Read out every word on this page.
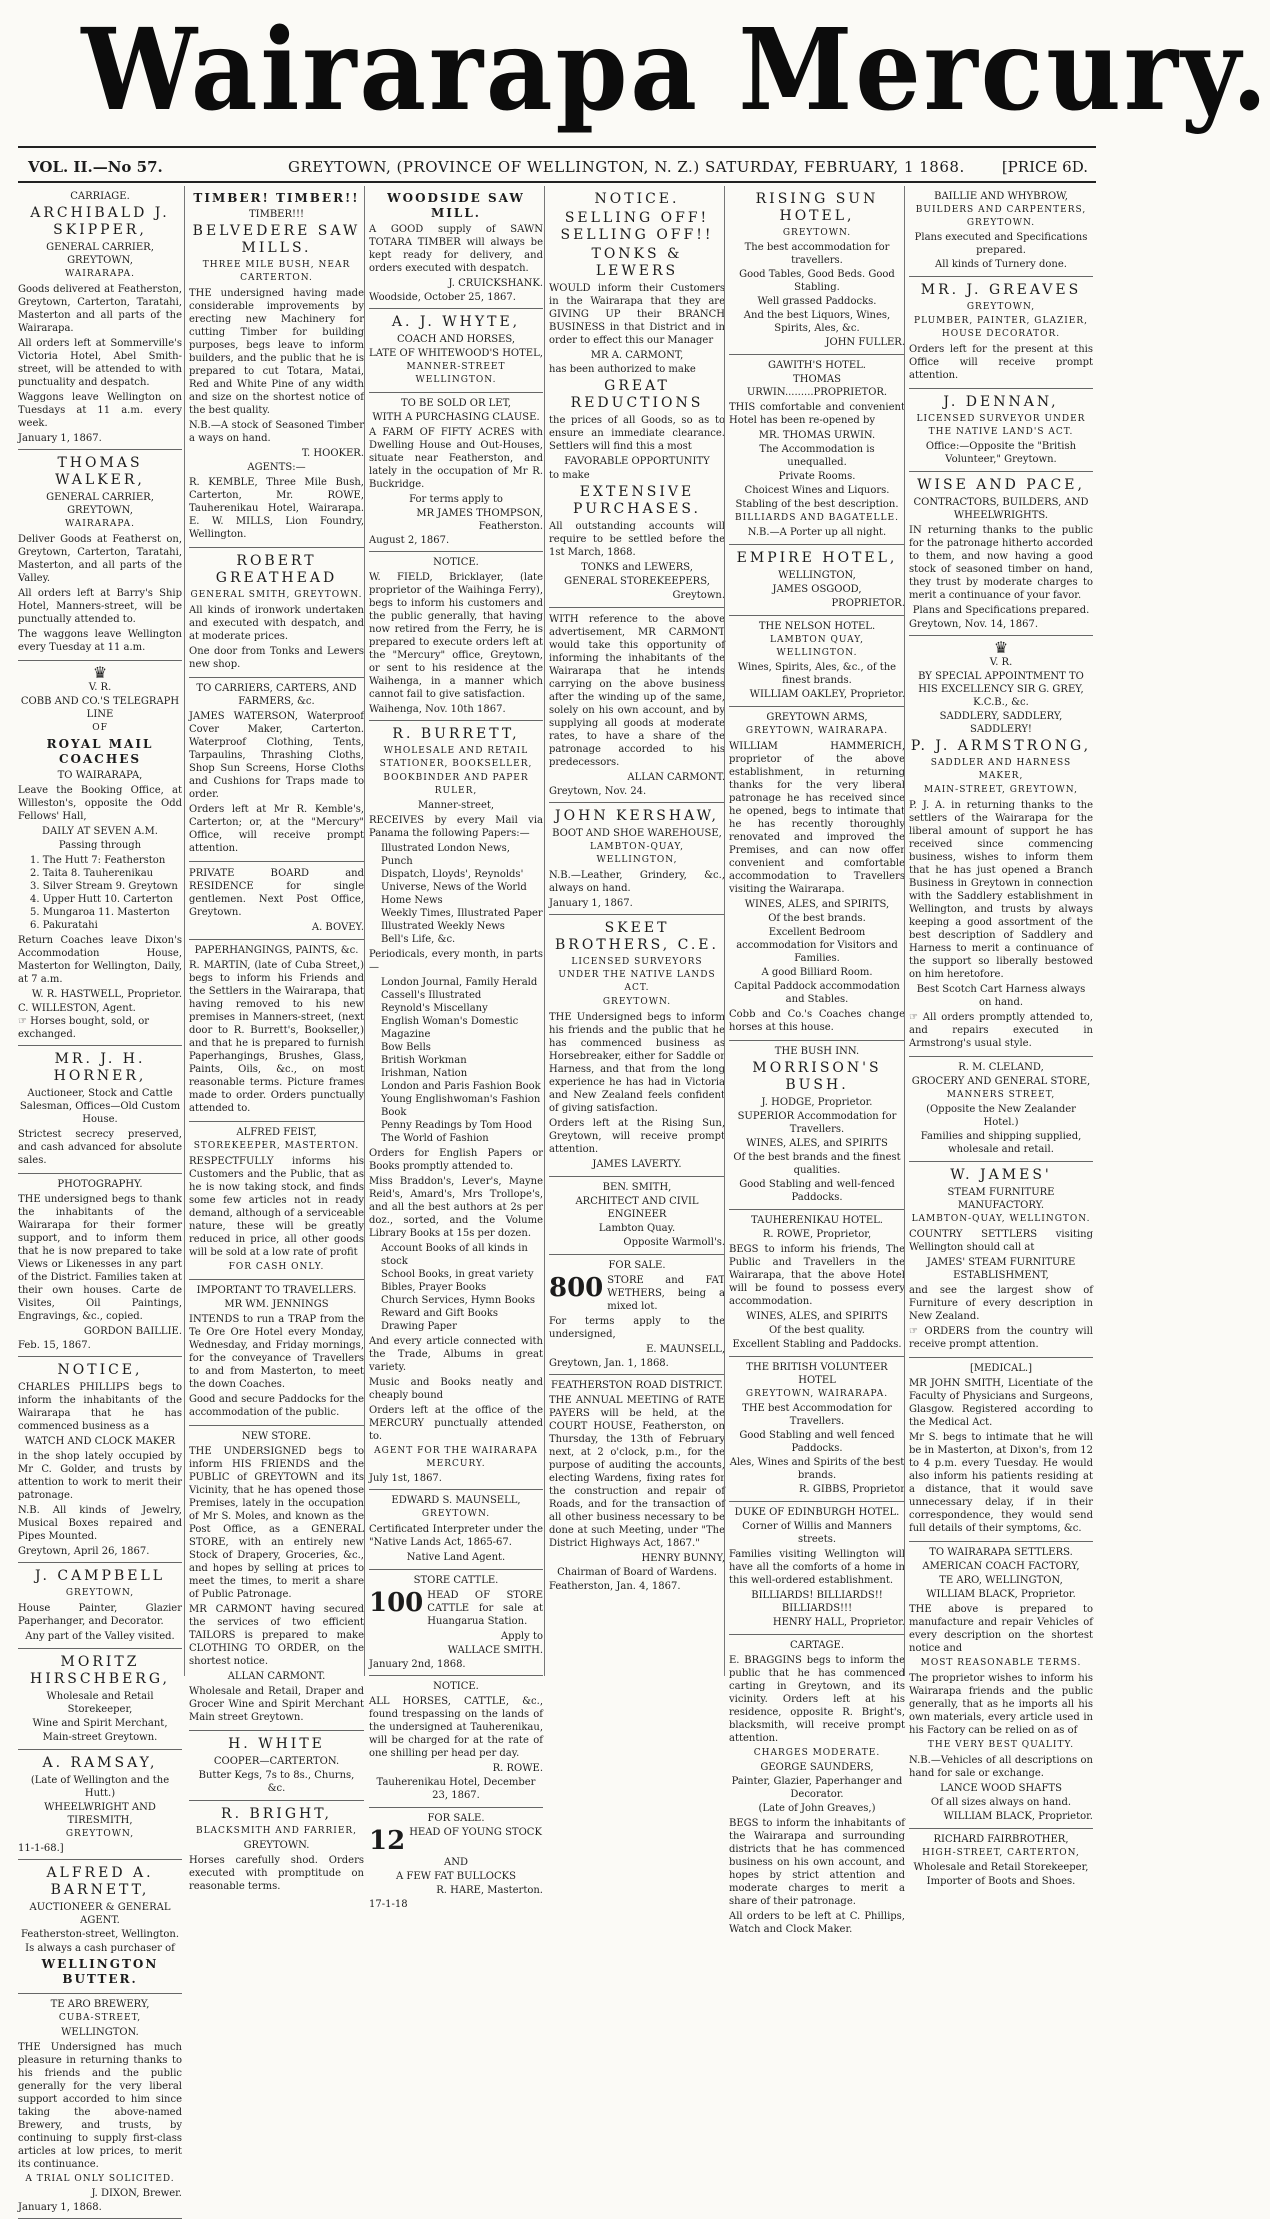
Wairarapa Mercury.
VOL. II.—No 57.	GREYTOWN, (PROVINCE OF WELLINGTON, N. Z.) SATURDAY, FEBRUARY, 1 1868. [PRICE 6D.
CARRIAGE.
ARCHIBALD J. SKIPPER,
GENERAL CARRIER, GREYTOWN,
WAIRARAPA.

Goods delivered at Featherston, Greytown, Carterton, Taratahi, Masterton and all parts of the Wairarapa.

All orders left at Sommerville's Victoria Hotel, Abel Smith-street, will be attended to with punctuality and despatch.

Waggons leave Wellington on Tuesdays at 11 a.m. every week.

January 1, 1867.
THOMAS WALKER,
GENERAL CARRIER, GREYTOWN,
WAIRARAPA.

Deliver Goods at Featherst on, Greytown, Carterton, Taratahi, Masterton, and all parts of the Valley.

All orders left at Barry's Ship Hotel, Manners-street, will be punctually attended to.

The waggons leave Wellington every Tuesday at 11 a.m.

♛
V. R.
COBB AND CO.'S TELEGRAPH LINE
OF
ROYAL MAIL COACHES
TO WAIRARAPA,

Leave the Booking Office, at Willeston's, opposite the Odd Fellows' Hall,

DAILY AT SEVEN A.M.
Passing through
1. The Hutt 7: Featherston
2. Taita 8. Tauherenikau
3. Silver Stream 9. Greytown
4. Upper Hutt 10. Carterton
5. Mungaroa 11. Masterton
6. Pakuratahi

Return Coaches leave Dixon's Accommodation House, Masterton for Wellington, Daily, at 7 a.m.

W. R. HASTWELL, Proprietor.
C. WILLESTON, Agent.
☞ Horses bought, sold, or exchanged.
MR. J. H. HORNER,
Auctioneer, Stock and Cattle Salesman, Offices—Old Custom House.

Strictest secrecy preserved, and cash advanced for absolute sales.

PHOTOGRAPHY.

THE undersigned begs to thank the inhabitants of the Wairarapa for their former support, and to inform them that he is now prepared to take Views or Likenesses in any part of the District. Families taken at their own houses. Carte de Visites, Oil Paintings, Engravings, &c., copied.

GORDON BAILLIE.
Feb. 15, 1867.
NOTICE,

CHARLES PHILLIPS begs to inform the inhabitants of the Wairarapa that he has commenced business as a

WATCH AND CLOCK MAKER

in the shop lately occupied by Mr C. Golder, and trusts by attention to work to merit their patronage.

N.B. All kinds of Jewelry, Musical Boxes repaired and Pipes Mounted.

Greytown, April 26, 1867.
J. CAMPBELL
GREYTOWN,

House Painter, Glazier Paperhanger, and Decorator.

Any part of the Valley visited.
MORITZ HIRSCHBERG,
Wholesale and Retail Storekeeper,
Wine and Spirit Merchant,
Main-street Greytown.
A. RAMSAY,
(Late of Wellington and the Hutt.)
WHEELWRIGHT AND TIRESMITH,
GREYTOWN,
11-1-68.]
ALFRED A. BARNETT,
AUCTIONEER & GENERAL AGENT.
Featherston-street, Wellington.
Is always a cash purchaser of
WELLINGTON BUTTER.
TE ARO BREWERY,
CUBA-STREET,
WELLINGTON.

THE Undersigned has much pleasure in returning thanks to his friends and the public generally for the very liberal support accorded to him since taking the above-named Brewery, and trusts, by continuing to supply first-class articles at low prices, to merit its continuance.

A TRIAL ONLY SOLICITED.
J. DIXON, Brewer.
January 1, 1868.
TIMBER! TIMBER!!
TIMBER!!!
BELVEDERE SAW MILLS.
THREE MILE BUSH, NEAR CARTERTON.

THE undersigned having made considerable improvements by erecting new Machinery for cutting Timber for building purposes, begs leave to inform builders, and the public that he is prepared to cut Totara, Matai, Red and White Pine of any width and size on the shortest notice of the best quality.

N.B.—A stock of Seasoned Timber a ways on hand.

T. HOOKER.
AGENTS:—

R. KEMBLE, Three Mile Bush, Carterton, Mr. ROWE, Tauherenikau Hotel, Wairarapa. E. W. MILLS, Lion Foundry, Wellington.

ROBERT GREATHEAD
GENERAL SMITH, GREYTOWN.

All kinds of ironwork undertaken and executed with despatch, and at moderate prices.

One door from Tonks and Lewers new shop.

TO CARRIERS, CARTERS, AND FARMERS, &c.

JAMES WATERSON, Waterproof Cover Maker, Carterton. Waterproof Clothing, Tents, Tarpaulins, Thrashing Cloths, Shop Sun Screens, Horse Cloths and Cushions for Traps made to order.

Orders left at Mr R. Kemble's, Carterton; or, at the "Mercury" Office, will receive prompt attention.

PRIVATE BOARD and RESIDENCE for single gentlemen. Next Post Office, Greytown.

A. BOVEY.
PAPERHANGINGS, PAINTS, &c.

R. MARTIN, (late of Cuba Street,) begs to inform his Friends and the Settlers in the Wairarapa, that having removed to his new premises in Manners-street, (next door to R. Burrett's, Bookseller,) and that he is prepared to furnish Paperhangings, Brushes, Glass, Paints, Oils, &c., on most reasonable terms. Picture frames made to order. Orders punctually attended to.

ALFRED FEIST,
STOREKEEPER, MASTERTON.

RESPECTFULLY informs his Customers and the Public, that as he is now taking stock, and finds some few articles not in ready demand, although of a serviceable nature, these will be greatly reduced in price, all other goods will be sold at a low rate of profit

FOR CASH ONLY.
IMPORTANT TO TRAVELLERS.
MR WM. JENNINGS

INTENDS to run a TRAP from the Te Ore Ore Hotel every Monday, Wednesday, and Friday mornings, for the conveyance of Travellers to and from Masterton, to meet the down Coaches.

Good and secure Paddocks for the accommodation of the public.

NEW STORE.

THE UNDERSIGNED begs to inform HIS FRIENDS and the PUBLIC of GREYTOWN and its Vicinity, that he has opened those Premises, lately in the occupation of Mr S. Moles, and known as the Post Office, as a GENERAL STORE, with an entirely new Stock of Drapery, Groceries, &c., and hopes by selling at prices to meet the times, to merit a share of Public Patronage.

MR CARMONT having secured the services of two efficient TAILORS is prepared to make CLOTHING TO ORDER, on the shortest notice.

ALLAN CARMONT.

Wholesale and Retail, Draper and Grocer Wine and Spirit Merchant Main street Greytown.

H. WHITE
COOPER—CARTERTON.
Butter Kegs, 7s to 8s., Churns, &c.
R. BRIGHT,
BLACKSMITH AND FARRIER,
GREYTOWN.

Horses carefully shod. Orders executed with promptitude on reasonable terms.

WOODSIDE SAW MILL.

A GOOD supply of SAWN TOTARA TIMBER will always be kept ready for delivery, and orders executed with despatch.

J. CRUICKSHANK.
Woodside, October 25, 1867.
A. J. WHYTE,
COACH AND HORSES,
LATE OF WHITEWOOD'S HOTEL,
MANNER-STREET WELLINGTON.
TO BE SOLD OR LET,
WITH A PURCHASING CLAUSE.

A FARM OF FIFTY ACRES with Dwelling House and Out-Houses, situate near Featherston, and lately in the occupation of Mr R. Buckridge.

For terms apply to
MR JAMES THOMPSON, Featherston.
August 2, 1867.
NOTICE.

W. FIELD, Bricklayer, (late proprietor of the Waihinga Ferry), begs to inform his customers and the public generally, that having now retired from the Ferry, he is prepared to execute orders left at the "Mercury" office, Greytown, or sent to his residence at the Waihenga, in a manner which cannot fail to give satisfaction.

Waihenga, Nov. 10th 1867.
R. BURRETT,
WHOLESALE AND RETAIL STATIONER, BOOKSELLER,
BOOKBINDER AND PAPER RULER,
Manner-street,

RECEIVES by every Mail via Panama the following Papers:—

Illustrated London News, Punch
Dispatch, Lloyds', Reynolds'
Universe, News of the World
Home News
Weekly Times, Illustrated Paper
Illustrated Weekly News
Bell's Life, &c.

Periodicals, every month, in parts—

London Journal, Family Herald
Cassell's Illustrated
Reynold's Miscellany
English Woman's Domestic Magazine
Bow Bells
British Workman
Irishman, Nation
London and Paris Fashion Book
Young Englishwoman's Fashion Book
Penny Readings by Tom Hood
The World of Fashion

Orders for English Papers or Books promptly attended to.

Miss Braddon's, Lever's, Mayne Reid's, Amard's, Mrs Trollope's, and all the best authors at 2s per doz., sorted, and the Volume Library Books at 15s per dozen.

Account Books of all kinds in stock
School Books, in great variety
Bibles, Prayer Books
Church Services, Hymn Books
Reward and Gift Books
Drawing Paper

And every article connected with the Trade, Albums in great variety.

Music and Books neatly and cheaply bound

Orders left at the office of the MERCURY punctually attended to.

AGENT FOR THE WAIRARAPA MERCURY.
July 1st, 1867.
EDWARD S. MAUNSELL,
GREYTOWN.

Certificated Interpreter under the "Native Lands Act, 1865-67.

Native Land Agent.
STORE CATTLE.
100 HEAD OF STORE CATTLE for sale at Huangarua Station.

Apply to
WALLACE SMITH.
January 2nd, 1868.
NOTICE.

ALL HORSES, CATTLE, &c., found trespassing on the lands of the undersigned at Tauherenikau, will be charged for at the rate of one shilling per head per day.

R. ROWE.
Tauherenikau Hotel, December 23, 1867.
FOR SALE.
12 HEAD OF YOUNG STOCK
AND
A FEW FAT BULLOCKS
R. HARE, Masterton.
17-1-18
NOTICE.
SELLING OFF! SELLING OFF!!
TONKS & LEWERS

WOULD inform their Customers in the Wairarapa that they are GIVING UP their BRANCH BUSINESS in that District and in order to effect this our Manager

MR A. CARMONT,
has been authorized to make
GREAT REDUCTIONS

the prices of all Goods, so as to ensure an immediate clearance. Settlers will find this a most

FAVORABLE OPPORTUNITY
to make
EXTENSIVE PURCHASES.

All outstanding accounts will require to be settled before the 1st March, 1868.

TONKS and LEWERS,
GENERAL STOREKEEPERS,
Greytown.

WITH reference to the above advertisement, MR CARMONT would take this opportunity of informing the inhabitants of the Wairarapa that he intends carrying on the above business after the winding up of the same, solely on his own account, and by supplying all goods at moderate rates, to have a share of the patronage accorded to his predecessors.

ALLAN CARMONT.
Greytown, Nov. 24.
JOHN KERSHAW,
BOOT AND SHOE WAREHOUSE,
LAMBTON-QUAY, WELLINGTON,

N.B.—Leather, Grindery, &c., always on hand.

January 1, 1867.
SKEET BROTHERS, C.E.
LICENSED SURVEYORS UNDER THE NATIVE LANDS ACT.
GREYTOWN.

THE Undersigned begs to inform his friends and the public that he has commenced business as Horsebreaker, either for Saddle or Harness, and that from the long experience he has had in Victoria and New Zealand feels confident of giving satisfaction.

Orders left at the Rising Sun, Greytown, will receive prompt attention.

JAMES LAVERTY.
BEN. SMITH,
ARCHITECT AND CIVIL ENGINEER
Lambton Quay.
Opposite Warmoll's.
FOR SALE.
800 STORE and FAT WETHERS, being a mixed lot.

For terms apply to the undersigned,

E. MAUNSELL,
Greytown, Jan. 1, 1868.
FEATHERSTON ROAD DISTRICT.

THE ANNUAL MEETING of RATE PAYERS will be held, at the COURT HOUSE, Featherston, on Thursday, the 13th of February next, at 2 o'clock, p.m., for the purpose of auditing the accounts, electing Wardens, fixing rates for the construction and repair of Roads, and for the transaction of all other business necessary to be done at such Meeting, under "The District Highways Act, 1867."

HENRY BUNNY,
Chairman of Board of Wardens.
Featherston, Jan. 4, 1867.
RISING SUN HOTEL,
GREYTOWN.
The best accommodation for travellers.
Good Tables, Good Beds. Good Stabling.
Well grassed Paddocks.
And the best Liquors, Wines, Spirits, Ales, &c.
JOHN FULLER.
GAWITH'S HOTEL.
THOMAS URWIN.........PROPRIETOR.

THIS comfortable and convenient Hotel has been re-opened by

MR. THOMAS URWIN.
The Accommodation is unequalled.
Private Rooms.
Choicest Wines and Liquors.
Stabling of the best description.
BILLIARDS AND BAGATELLE.
N.B.—A Porter up all night.
EMPIRE HOTEL,
WELLINGTON,
JAMES OSGOOD,
PROPRIETOR.
THE NELSON HOTEL.
LAMBTON QUAY, WELLINGTON.
Wines, Spirits, Ales, &c., of the finest brands.
WILLIAM OAKLEY, Proprietor.
GREYTOWN ARMS,
GREYTOWN, WAIRARAPA.

WILLIAM HAMMERICH, proprietor of the above establishment, in returning thanks for the very liberal patronage he has received since he opened, begs to intimate that he has recently thoroughly renovated and improved the Premises, and can now offer convenient and comfortable accommodation to Travellers visiting the Wairarapa.

WINES, ALES, and SPIRITS,
Of the best brands.
Excellent Bedroom accommodation for Visitors and Families.
A good Billiard Room.
Capital Paddock accommodation and Stables.

Cobb and Co.'s Coaches change horses at this house.

THE BUSH INN.
MORRISON'S BUSH.
J. HODGE, Proprietor.
SUPERIOR Accommodation for Travellers.
WINES, ALES, and SPIRITS
Of the best brands and the finest qualities.
Good Stabling and well-fenced Paddocks.
TAUHERENIKAU HOTEL.
R. ROWE, Proprietor,

BEGS to inform his friends, The Public and Travellers in the Wairarapa, that the above Hotel will be found to possess every accommodation.

WINES, ALES, and SPIRITS
Of the best quality.
Excellent Stabling and Paddocks.
THE BRITISH VOLUNTEER HOTEL
GREYTOWN, WAIRARAPA.
THE best Accommodation for Travellers.
Good Stabling and well fenced Paddocks.
Ales, Wines and Spirits of the best brands.
R. GIBBS, Proprietor
DUKE OF EDINBURGH HOTEL.
Corner of Willis and Manners streets.

Families visiting Wellington will have all the comforts of a home in this well-ordered establishment.

BILLIARDS! BILLIARDS!! BILLIARDS!!!
HENRY HALL, Proprietor.
CARTAGE.

E. BRAGGINS begs to inform the public that he has commenced carting in Greytown, and its vicinity. Orders left at his residence, opposite R. Bright's, blacksmith, will receive prompt attention.

CHARGES MODERATE.
GEORGE SAUNDERS,
Painter, Glazier, Paperhanger and Decorator.
(Late of John Greaves,)

BEGS to inform the inhabitants of the Wairarapa and surrounding districts that he has commenced business on his own account, and hopes by strict attention and moderate charges to merit a share of their patronage.

All orders to be left at C. Phillips, Watch and Clock Maker.

BAILLIE AND WHYBROW,
BUILDERS AND CARPENTERS, GREYTOWN.
Plans executed and Specifications prepared.
All kinds of Turnery done.
MR. J. GREAVES
GREYTOWN,
PLUMBER, PAINTER, GLAZIER, HOUSE DECORATOR.

Orders left for the present at this Office will receive prompt attention.

J. DENNAN,
LICENSED SURVEYOR UNDER THE NATIVE LAND'S ACT.
Office:—Opposite the "British Volunteer," Greytown.
WISE AND PACE,
CONTRACTORS, BUILDERS, AND WHEELWRIGHTS.

IN returning thanks to the public for the patronage hitherto accorded to them, and now having a good stock of seasoned timber on hand, they trust by moderate charges to merit a continuance of your favor.

Plans and Specifications prepared.
Greytown, Nov. 14, 1867.
♛
V. R.
BY SPECIAL APPOINTMENT TO HIS EXCELLENCY SIR G. GREY, K.C.B., &c.
SADDLERY, SADDLERY, SADDLERY!
P. J. ARMSTRONG,
SADDLER AND HARNESS MAKER,
MAIN-STREET, GREYTOWN,

P. J. A. in returning thanks to the settlers of the Wairarapa for the liberal amount of support he has received since commencing business, wishes to inform them that he has just opened a Branch Business in Greytown in connection with the Saddlery establishment in Wellington, and trusts by always keeping a good assortment of the best description of Saddlery and Harness to merit a continuance of the support so liberally bestowed on him heretofore.

Best Scotch Cart Harness always on hand.

☞ All orders promptly attended to, and repairs executed in Armstrong's usual style.

R. M. CLELAND,
GROCERY AND GENERAL STORE,
MANNERS STREET,
(Opposite the New Zealander Hotel.)
Families and shipping supplied, wholesale and retail.
W. JAMES'
STEAM FURNITURE MANUFACTORY.
LAMBTON-QUAY, WELLINGTON.

COUNTRY SETTLERS visiting Wellington should call at

JAMES' STEAM FURNITURE ESTABLISHMENT,

and see the largest show of Furniture of every description in New Zealand.

☞ ORDERS from the country will receive prompt attention.

[MEDICAL.]

MR JOHN SMITH, Licentiate of the Faculty of Physicians and Surgeons, Glasgow. Registered according to the Medical Act.

Mr S. begs to intimate that he will be in Masterton, at Dixon's, from 12 to 4 p.m. every Tuesday. He would also inform his patients residing at a distance, that it would save unnecessary delay, if in their correspondence, they would send full details of their symptoms, &c.

TO WAIRARAPA SETTLERS.
AMERICAN COACH FACTORY,
TE ARO, WELLINGTON,
WILLIAM BLACK, Proprietor.

THE above is prepared to manufacture and repair Vehicles of every description on the shortest notice and

MOST REASONABLE TERMS.

The proprietor wishes to inform his Wairarapa friends and the public generally, that as he imports all his own materials, every article used in his Factory can be relied on as of

THE VERY BEST QUALITY.

N.B.—Vehicles of all descriptions on hand for sale or exchange.

LANCE WOOD SHAFTS
Of all sizes always on hand.
WILLIAM BLACK, Proprietor.
RICHARD FAIRBROTHER,
HIGH-STREET, CARTERTON,
Wholesale and Retail Storekeeper,
Importer of Boots and Shoes.
